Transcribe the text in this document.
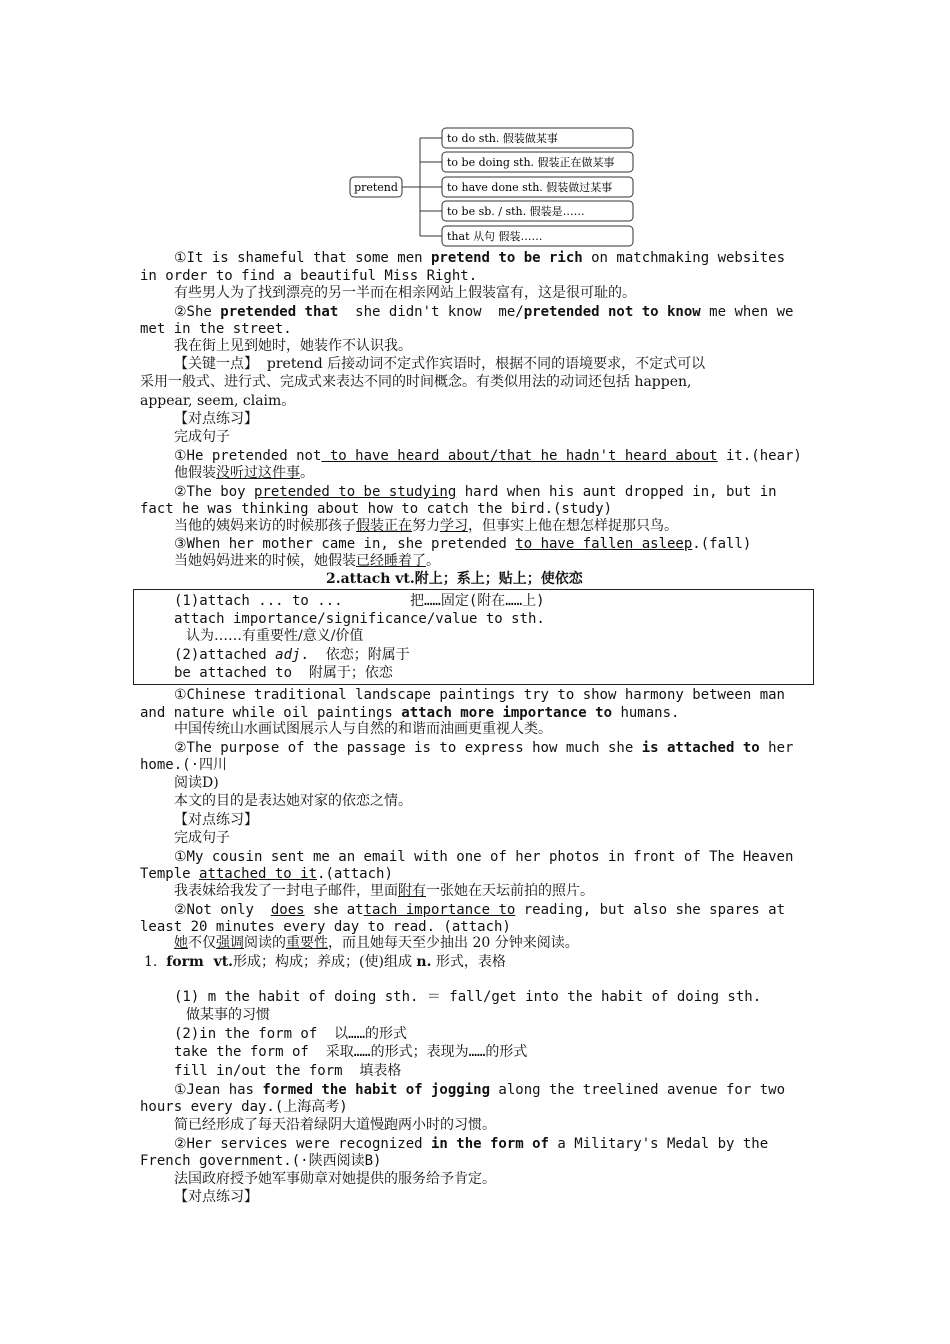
pretend
to do sth. 假装做某事
to be doing sth. 假装正在做某事
to have done sth. 假装做过某事
to be sb. / sth. 假装是……
that 从句 假装……
①It is shameful that some men pretend to be rich on matchmaking websites
in order to find a beautiful Miss Right.
有些男人为了找到漂亮的另一半而在相亲网站上假装富有，这是很可耻的。
②She pretended that  she didn't know  me/pretended not to know me when we
met in the street.
我在街上见到她时，她装作不认识我。
【关键一点】  pretend 后接动词不定式作宾语时，根据不同的语境要求，不定式可以
采用一般式、进行式、完成式来表达不同的时间概念。有类似用法的动词还包括 happen,
appear, seem, claim。
【对点练习】
完成句子
①He pretended not to have heard about/that he hadn't heard about it.(hear)
他假装没听过这件事。
②The boy pretended to be studying hard when his aunt dropped in, but in
fact he was thinking about how to catch the bird.(study)
当他的姨妈来访的时候那孩子假装正在努力学习，但事实上他在想怎样捉那只鸟。
③When her mother came in, she pretended to have fallen asleep.(fall)
当她妈妈进来的时候，她假装已经睡着了。
2.attach vt.附上；系上；贴上；使依恋
(1)attach ... to ...        把……固定(附在……上)
attach importance/significance/value to sth.
认为……有重要性/意义/价值
(2)attached adj.  依恋；附属于
be attached to  附属于；依恋
①Chinese traditional landscape paintings try to show harmony between man
and nature while oil paintings attach more importance to humans.
中国传统山水画试图展示人与自然的和谐而油画更重视人类。
②The purpose of the passage is to express how much she is attached to her
home.(·四川
阅读D)
本文的目的是表达她对家的依恋之情。
【对点练习】
完成句子
①My cousin sent me an email with one of her photos in front of The Heaven
Temple attached to it.(attach)
我表妹给我发了一封电子邮件，里面附有一张她在天坛前拍的照片。
②Not only  does she attach importance to reading, but also she spares at
least 20 minutes every day to read. (attach)
她不仅强调阅读的重要性，而且她每天至少抽出 20 分钟来阅读。
1.  form  vt.形成；构成；养成；(使)组成 n. 形式，表格
(1) m the habit of doing sth. ＝ fall/get into the habit of doing sth.
做某事的习惯
(2)in the form of  以……的形式
take the form of  采取……的形式；表现为……的形式
fill in/out the form  填表格
①Jean has formed the habit of jogging along the treelined avenue for two
hours every day.(上海高考)
简已经形成了每天沿着绿阴大道慢跑两小时的习惯。
②Her services were recognized in the form of a Military's Medal by the
French government.(·陕西阅读B)
法国政府授予她军事勋章对她提供的服务给予肯定。
【对点练习】
